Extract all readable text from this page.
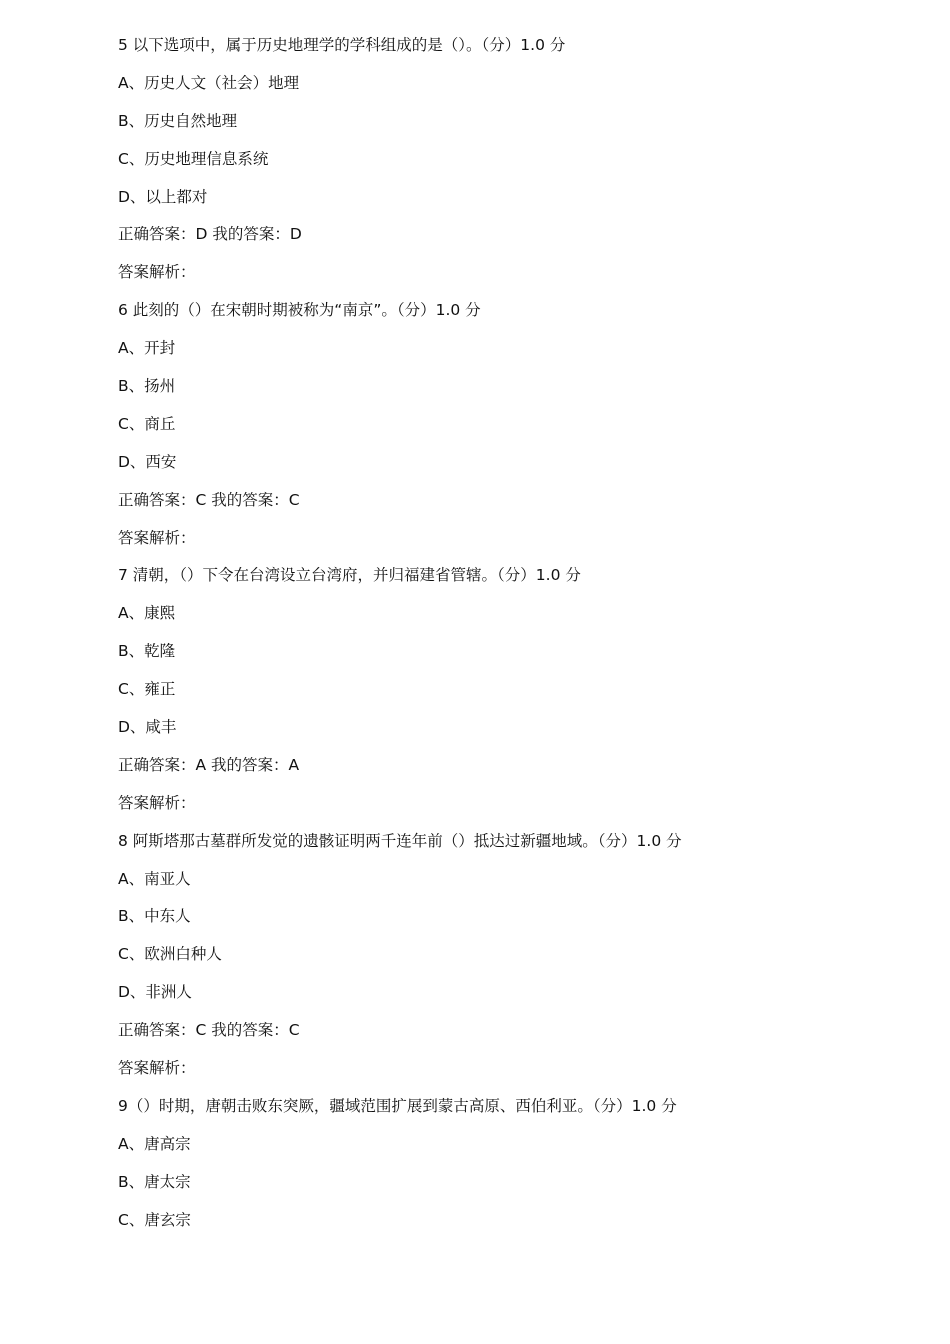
5 以下选项中，属于历史地理学的学科组成的是（）。（分）1.0 分
A、历史人文（社会）地理
B、历史自然地理
C、历史地理信息系统
D、以上都对
正确答案：D 我的答案：D
答案解析：
6 此刻的（）在宋朝时期被称为“南京”。（分）1.0 分
A、开封
B、扬州
C、商丘
D、西安
正确答案：C 我的答案：C
答案解析：
7 清朝，（）下令在台湾设立台湾府，并归福建省管辖。（分）1.0 分
A、康熙
B、乾隆
C、雍正
D、咸丰
正确答案：A 我的答案：A
答案解析：
8 阿斯塔那古墓群所发觉的遗骸证明两千连年前（）抵达过新疆地域。（分）1.0 分
A、南亚人
B、中东人
C、欧洲白种人
D、非洲人
正确答案：C 我的答案：C
答案解析：
9（）时期，唐朝击败东突厥，疆域范围扩展到蒙古高原、西伯利亚。（分）1.0 分
A、唐高宗
B、唐太宗
C、唐玄宗
